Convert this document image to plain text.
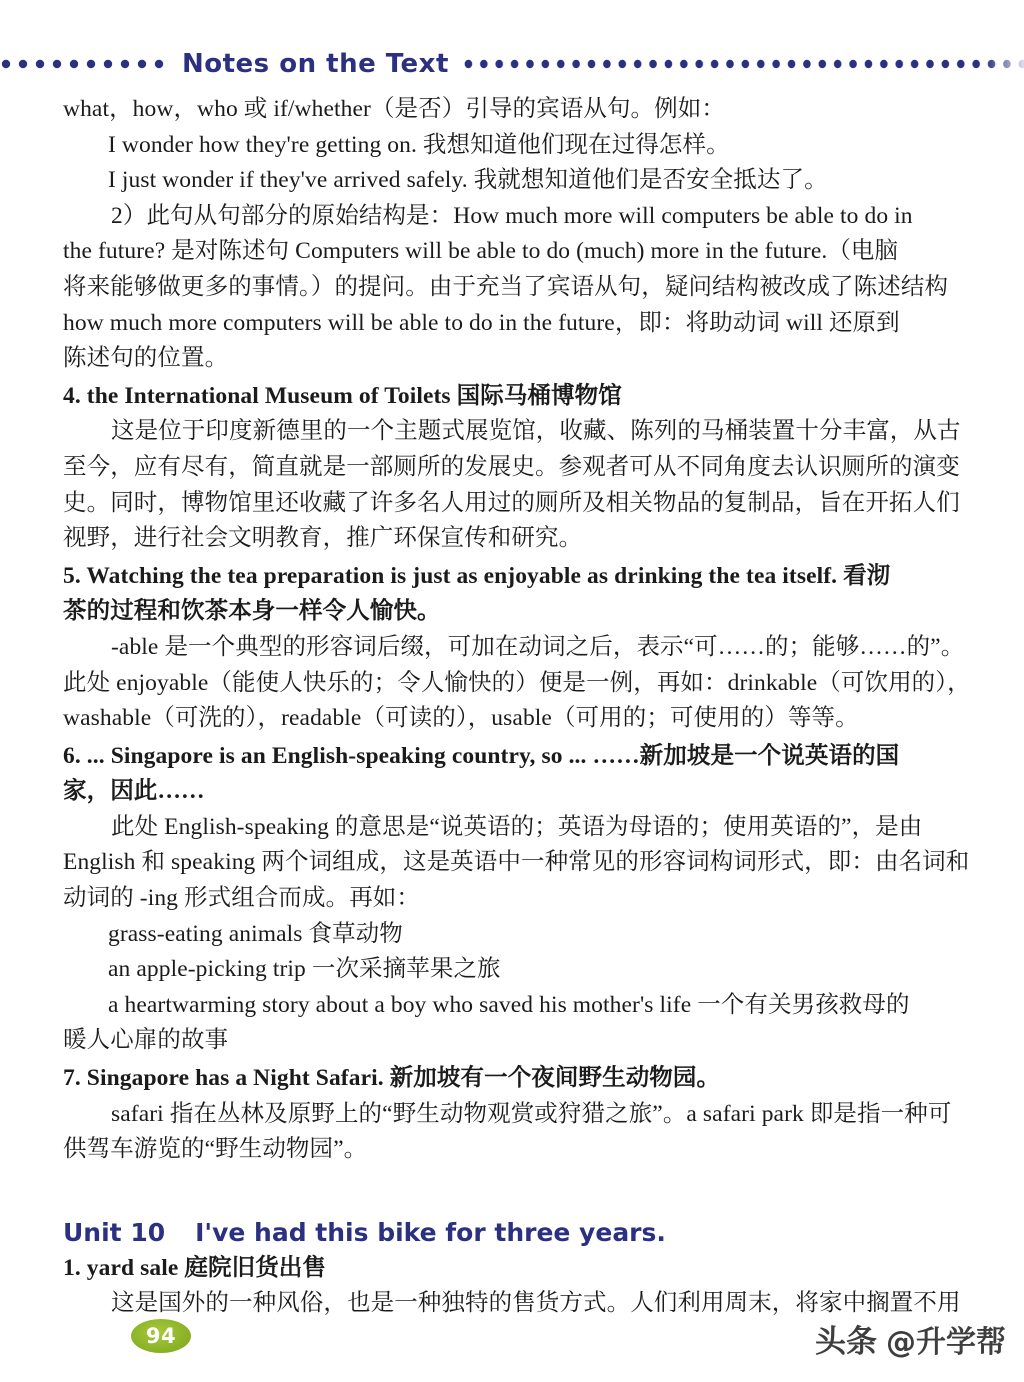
Notes on the Text
what，how，who 或 if/whether（是否）引导的宾语从句。例如：
I wonder how they're getting on. 我想知道他们现在过得怎样。
I just wonder if they've arrived safely. 我就想知道他们是否安全抵达了。
2）此句从句部分的原始结构是：How much more will computers be able to do in
the future? 是对陈述句 Computers will be able to do (much) more in the future.（电脑
将来能够做更多的事情。）的提问。由于充当了宾语从句，疑问结构被改成了陈述结构
how much more computers will be able to do in the future，即：将助动词 will 还原到
陈述句的位置。
4. the International Museum of Toilets 国际马桶博物馆
这是位于印度新德里的一个主题式展览馆，收藏、陈列的马桶装置十分丰富，从古
至今，应有尽有，简直就是一部厕所的发展史。参观者可从不同角度去认识厕所的演变
史。同时，博物馆里还收藏了许多名人用过的厕所及相关物品的复制品，旨在开拓人们
视野，进行社会文明教育，推广环保宣传和研究。
5. Watching the tea preparation is just as enjoyable as drinking the tea itself. 看沏
茶的过程和饮茶本身一样令人愉快。
-able 是一个典型的形容词后缀，可加在动词之后，表示“可……的；能够……的”。
此处 enjoyable（能使人快乐的；令人愉快的）便是一例，再如：drinkable（可饮用的），
washable（可洗的），readable（可读的），usable（可用的；可使用的）等等。
6. ... Singapore is an English-speaking country, so ... ……新加坡是一个说英语的国
家，因此……
此处 English-speaking 的意思是“说英语的；英语为母语的；使用英语的”，是由
English 和 speaking 两个词组成，这是英语中一种常见的形容词构词形式，即：由名词和
动词的 -ing 形式组合而成。再如：
grass-eating animals 食草动物
an apple-picking trip 一次采摘苹果之旅
a heartwarming story about a boy who saved his mother's life 一个有关男孩救母的
暖人心扉的故事
7. Singapore has a Night Safari. 新加坡有一个夜间野生动物园。
safari 指在丛林及原野上的“野生动物观赏或狩猎之旅”。a safari park 即是指一种可
供驾车游览的“野生动物园”。
Unit 10 I've had this bike for three years.
1. yard sale 庭院旧货出售
这是国外的一种风俗，也是一种独特的售货方式。人们利用周末，将家中搁置不用
94	头条 @升学帮
